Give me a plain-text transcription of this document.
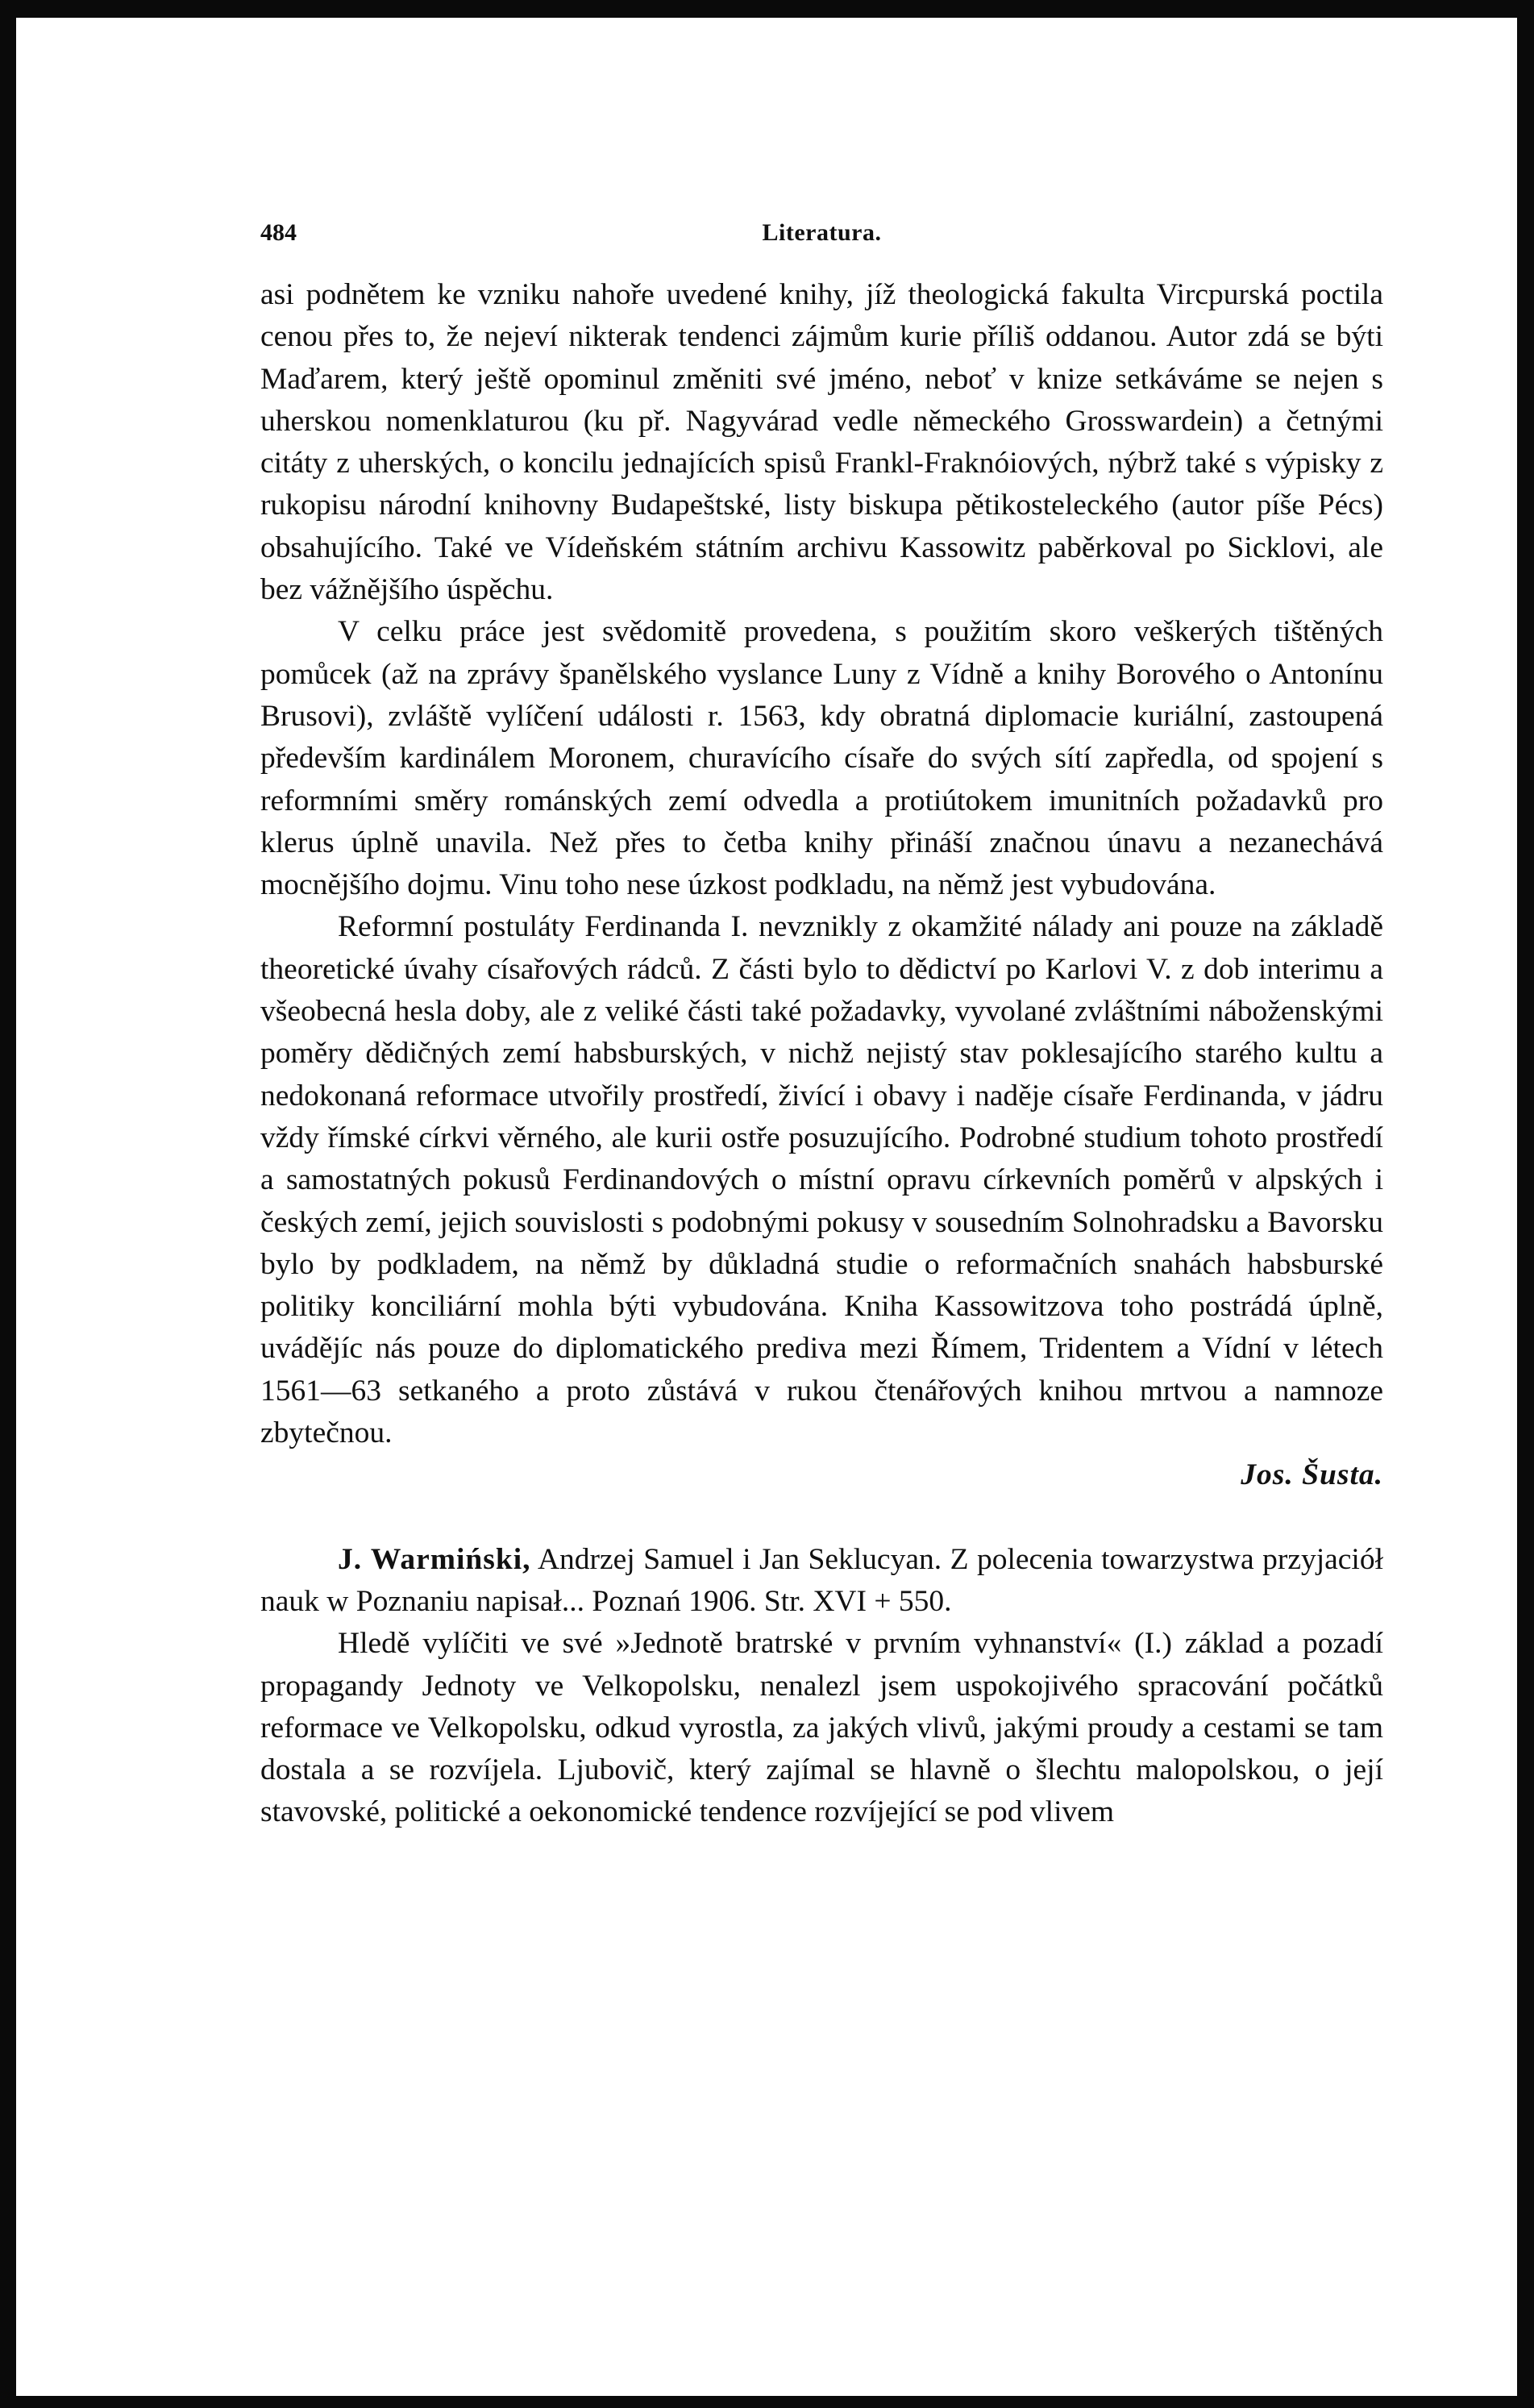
484	Literatura.

asi podnětem ke vzniku nahoře uvedené knihy, jíž theologická fakulta Vircpurská poctila cenou přes to, že nejeví nikterak tendenci zájmům kurie příliš oddanou. Autor zdá se býti Maďarem, který ještě opominul změniti své jméno, neboť v knize setkáváme se nejen s uherskou nomenklaturou (ku př. Nagyvárad vedle německého Grosswardein) a četnými citáty z uherských, o koncilu jednajících spisů Frankl-Fraknóiových, nýbrž také s výpisky z rukopisu národní knihovny Budapeštské, listy biskupa pětikosteleckého (autor píše Pécs) obsahujícího. Také ve Vídeňském státním archivu Kassowitz paběrkoval po Sicklovi, ale bez vážnějšího úspěchu.

V celku práce jest svědomitě provedena, s použitím skoro veškerých tištěných pomůcek (až na zprávy španělského vyslance Luny z Vídně a knihy Borového o Antonínu Brusovi), zvláště vylíčení události r. 1563, kdy obratná diplomacie kuriální, zastoupená především kardinálem Moronem, churavícího císaře do svých sítí zapředla, od spojení s reformními směry románských zemí odvedla a protiútokem imunitních požadavků pro klerus úplně unavila. Než přes to četba knihy přináší značnou únavu a nezanechává mocnějšího dojmu. Vinu toho nese úzkost podkladu, na němž jest vybudována.

Reformní postuláty Ferdinanda I. nevznikly z okamžité nálady ani pouze na základě theoretické úvahy císařových rádců. Z části bylo to dědictví po Karlovi V. z dob interimu a všeobecná hesla doby, ale z veliké části také požadavky, vyvolané zvláštními náboženskými poměry dědičných zemí habsburských, v nichž nejistý stav poklesajícího starého kultu a nedokonaná reformace utvořily prostředí, živící i obavy i naděje císaře Ferdinanda, v jádru vždy římské církvi věrného, ale kurii ostře posuzujícího. Podrobné studium tohoto prostředí a samostatných pokusů Ferdinandových o místní opravu církevních poměrů v alpských i českých zemí, jejich souvislosti s podobnými pokusy v sousedním Solnohradsku a Bavorsku bylo by podkladem, na němž by důkladná studie o reformačních snahách habsburské politiky konciliární mohla býti vybudována. Kniha Kassowitzova toho postrádá úplně, uvádějíc nás pouze do diplomatického prediva mezi Římem, Tridentem a Vídní v létech 1561—63 setkaného a proto zůstává v rukou čtenářových knihou mrtvou a namnoze zbytečnou.

Jos. Šusta.

J. Warmiński, Andrzej Samuel i Jan Seklucyan. Z polecenia towarzystwa przyjaciół nauk w Poznaniu napisał... Poznań 1906. Str. XVI + 550.

Hledě vylíčiti ve své »Jednotě bratrské v prvním vyhnanství« (I.) základ a pozadí propagandy Jednoty ve Velkopolsku, nenalezl jsem uspokojivého spracování počátků reformace ve Velkopolsku, odkud vyrostla, za jakých vlivů, jakými proudy a cestami se tam dostala a se rozvíjela. Ljubovič, který zajímal se hlavně o šlechtu malopolskou, o její stavovské, politické a oekonomické tendence rozvíjející se pod vlivem
